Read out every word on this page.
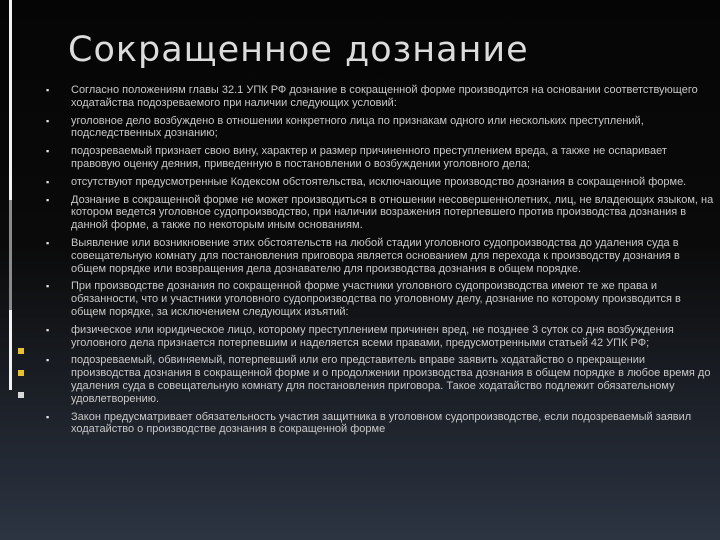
Сокращенное дознание
▪ Согласно положениям главы 32.1 УПК РФ дознание в сокращенной форме производится на основании соответствующего ходатайства подозреваемого при наличии следующих условий:
▪ уголовное дело возбуждено в отношении конкретного лица по признакам одного или нескольких преступлений, подследственных дознанию;
▪ подозреваемый признает свою вину, характер и размер причиненного преступлением вреда, а также не оспаривает правовую оценку деяния, приведенную в постановлении о возбуждении уголовного дела;
▪ отсутствуют предусмотренные Кодексом обстоятельства, исключающие производство дознания в сокращенной форме.
▪ Дознание в сокращенной форме не может производиться в отношении несовершеннолетних, лиц, не владеющих языком, на котором ведется уголовное судопроизводство, при наличии возражения потерпевшего против производства дознания в данной форме, а также по некоторым иным основаниям.
▪ Выявление или возникновение этих обстоятельств на любой стадии уголовного судопроизводства до удаления суда в совещательную комнату для постановления приговора является основанием для перехода к производству дознания в общем порядке или возвращения дела дознавателю для производства дознания в общем порядке.
▪ При производстве дознания по сокращенной форме участники уголовного судопроизводства имеют те же права и обязанности, что и участники уголовного судопроизводства по уголовному делу, дознание по которому производится в общем порядке, за исключением следующих изъятий:
▪ физическое или юридическое лицо, которому преступлением причинен вред, не позднее 3 суток со дня возбуждения уголовного дела признается потерпевшим и наделяется всеми правами, предусмотренными статьей 42 УПК РФ;
▪ подозреваемый, обвиняемый, потерпевший или его представитель вправе заявить ходатайство о прекращении производства дознания в сокращенной форме и о продолжении производства дознания в общем порядке в любое время до удаления суда в совещательную комнату для постановления приговора. Такое ходатайство подлежит обязательному удовлетворению.
▪ Закон предусматривает обязательность участия защитника в уголовном судопроизводстве, если подозреваемый заявил ходатайство о производстве дознания в сокращенной форме
